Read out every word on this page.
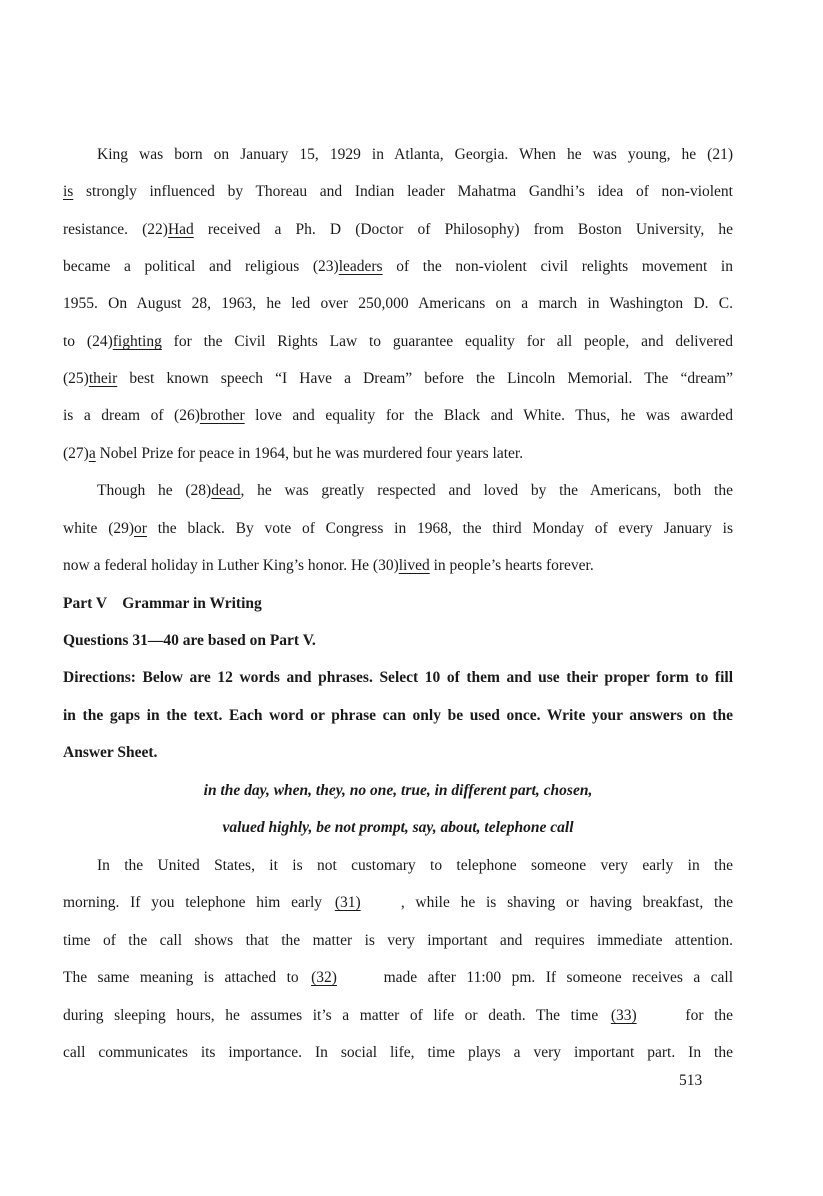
King was born on January 15, 1929 in Atlanta, Georgia. When he was young, he (21)
is strongly influenced by Thoreau and Indian leader Mahatma Gandhi’s idea of non-violent
resistance. (22)Had received a Ph. D (Doctor of Philosophy) from Boston University, he
became a political and religious (23)leaders of the non-violent civil relights movement in
1955. On August 28, 1963, he led over 250,000 Americans on a march in Washington D. C.
to (24)fighting for the Civil Rights Law to guarantee equality for all people, and delivered
(25)their best known speech “I Have a Dream” before the Lincoln Memorial. The “dream”
is a dream of (26)brother love and equality for the Black and White. Thus, he was awarded
(27)a Nobel Prize for peace in 1964, but he was murdered four years later.
Though he (28)dead, he was greatly respected and loved by the Americans, both the
white (29)or the black. By vote of Congress in 1968, the third Monday of every January is
now a federal holiday in Luther King’s honor. He (30)lived in people’s hearts forever.
Part V    Grammar in Writing
Questions 31—40 are based on Part V.
Directions: Below are 12 words and phrases. Select 10 of them and use their proper form to fill
in the gaps in the text. Each word or phrase can only be used once. Write your answers on the
Answer Sheet.
in the day, when, they, no one, true, in different part, chosen,
valued highly, be not prompt, say, about, telephone call
In the United States, it is not customary to telephone someone very early in the
morning. If you telephone him early (31)	, while he is shaving or having breakfast, the
time of the call shows that the matter is very important and requires immediate attention.
The same meaning is attached to (32)	made after 11:00 pm. If someone receives a call
during sleeping hours, he assumes it’s a matter of life or death. The time (33)	for the
call communicates its importance. In social life, time plays a very important part. In the
513
